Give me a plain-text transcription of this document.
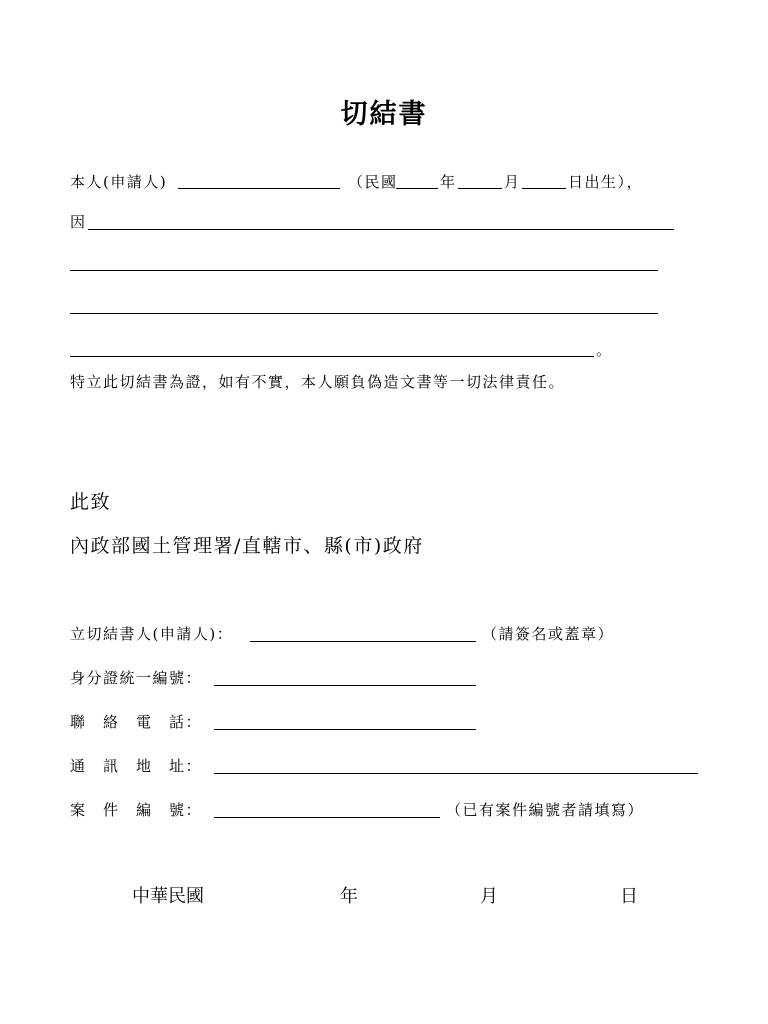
切結書
本人(申請人)	（民國	年	月	日出生），
因
。
特立此切結書為證，如有不實，本人願負偽造文書等一切法律責任。
此致
內政部國土管理署/直轄市、縣(市)政府
立切結書人(申請人)：	（請簽名或蓋章）
身分證統一編號：
聯　絡　電　話：
通　訊　地　址：
案　件　編　號：	（已有案件編號者請填寫）
中華民國	年	月	日
